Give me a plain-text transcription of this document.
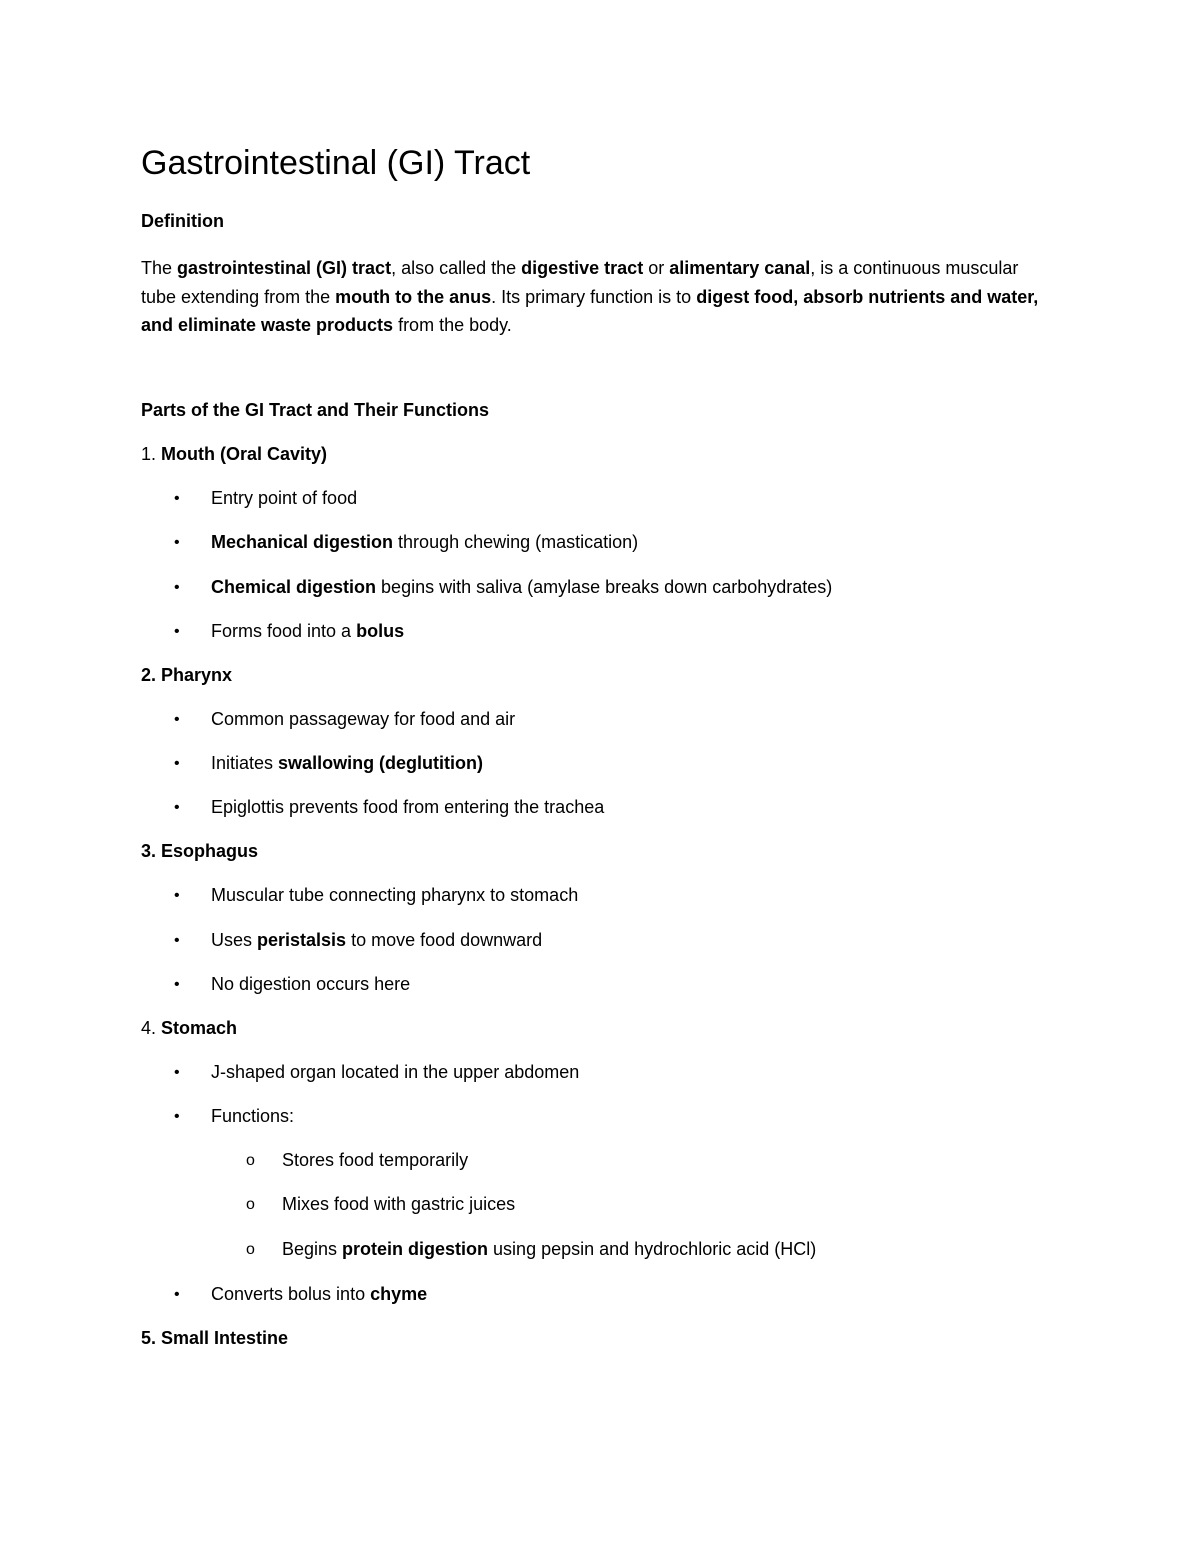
Gastrointestinal (GI) Tract
Definition

The gastrointestinal (GI) tract, also called the digestive tract or alimentary canal, is a continuous muscular tube extending from the mouth to the anus. Its primary function is to digest food, absorb nutrients and water, and eliminate waste products from the body.

Parts of the GI Tract and Their Functions
1. Mouth (Oral Cavity)
• Entry point of food
• Mechanical digestion through chewing (mastication)
• Chemical digestion begins with saliva (amylase breaks down carbohydrates)
• Forms food into a bolus
2. Pharynx
• Common passageway for food and air
• Initiates swallowing (deglutition)
• Epiglottis prevents food from entering the trachea
3. Esophagus
• Muscular tube connecting pharynx to stomach
• Uses peristalsis to move food downward
• No digestion occurs here
4. Stomach
• J-shaped organ located in the upper abdomen
• Functions:
o Stores food temporarily
o Mixes food with gastric juices
o Begins protein digestion using pepsin and hydrochloric acid (HCl)
• Converts bolus into chyme
5. Small Intestine
